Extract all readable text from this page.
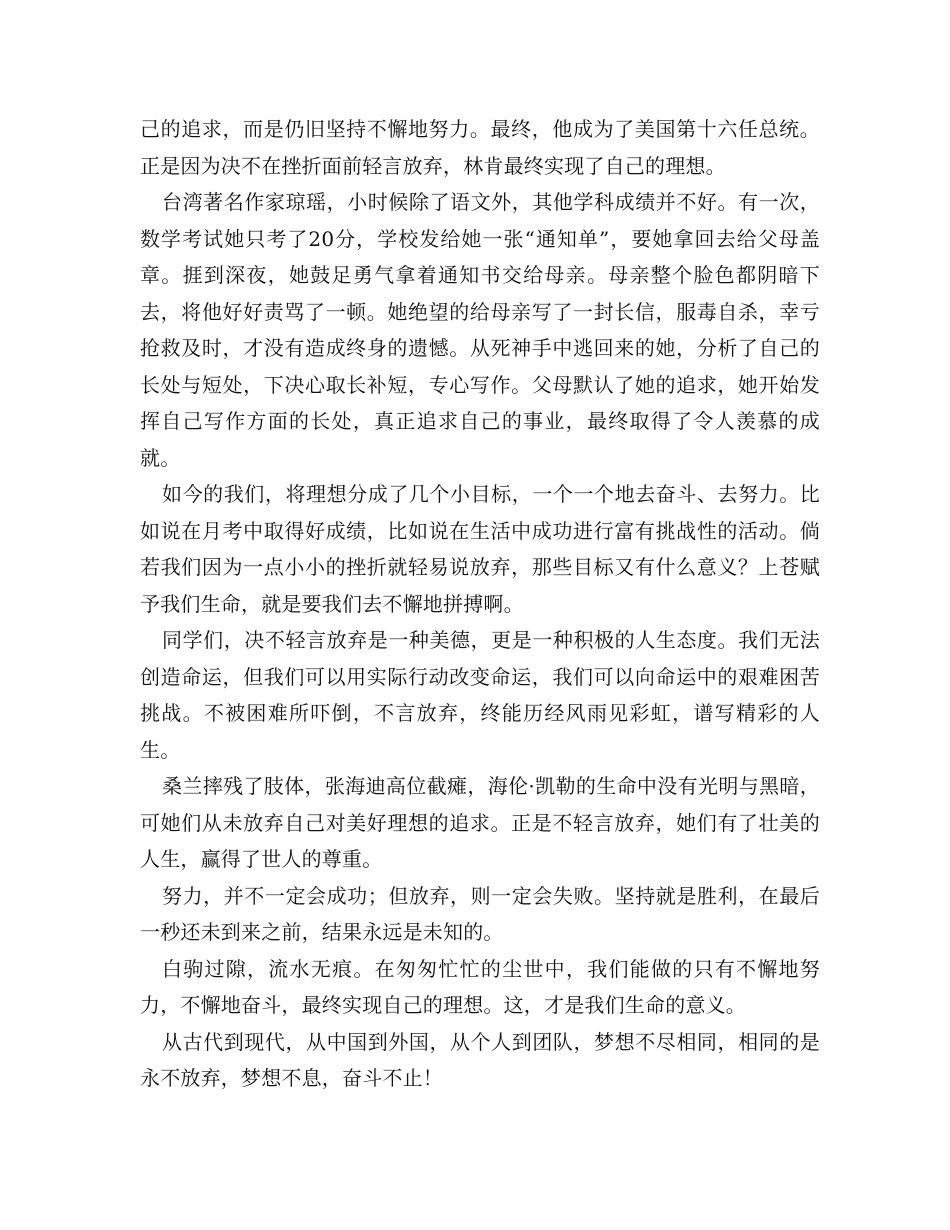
己的追求，而是仍旧坚持不懈地努力。最终，他成为了美国第十六任总统。正是因为决不在挫折面前轻言放弃，林肯最终实现了自己的理想。

台湾著名作家琼瑶，小时候除了语文外，其他学科成绩并不好。有一次，数学考试她只考了20分，学校发给她一张“通知单”，要她拿回去给父母盖章。捱到深夜，她鼓足勇气拿着通知书交给母亲。母亲整个脸色都阴暗下去，将他好好责骂了一顿。她绝望的给母亲写了一封长信，服毒自杀，幸亏抢救及时，才没有造成终身的遗憾。从死神手中逃回来的她，分析了自己的长处与短处，下决心取长补短，专心写作。父母默认了她的追求，她开始发挥自己写作方面的长处，真正追求自己的事业，最终取得了令人羡慕的成就。

如今的我们，将理想分成了几个小目标，一个一个地去奋斗、去努力。比如说在月考中取得好成绩，比如说在生活中成功进行富有挑战性的活动。倘若我们因为一点小小的挫折就轻易说放弃，那些目标又有什么意义？上苍赋予我们生命，就是要我们去不懈地拼搏啊。

同学们，决不轻言放弃是一种美德，更是一种积极的人生态度。我们无法创造命运，但我们可以用实际行动改变命运，我们可以向命运中的艰难困苦挑战。不被困难所吓倒，不言放弃，终能历经风雨见彩虹，谱写精彩的人生。

桑兰摔残了肢体，张海迪高位截瘫，海伦·凯勒的生命中没有光明与黑暗，可她们从未放弃自己对美好理想的追求。正是不轻言放弃，她们有了壮美的人生，赢得了世人的尊重。

努力，并不一定会成功；但放弃，则一定会失败。坚持就是胜利，在最后一秒还未到来之前，结果永远是未知的。

白驹过隙，流水无痕。在匆匆忙忙的尘世中，我们能做的只有不懈地努力，不懈地奋斗，最终实现自己的理想。这，才是我们生命的意义。

从古代到现代，从中国到外国，从个人到团队，梦想不尽相同，相同的是永不放弃，梦想不息，奋斗不止！
